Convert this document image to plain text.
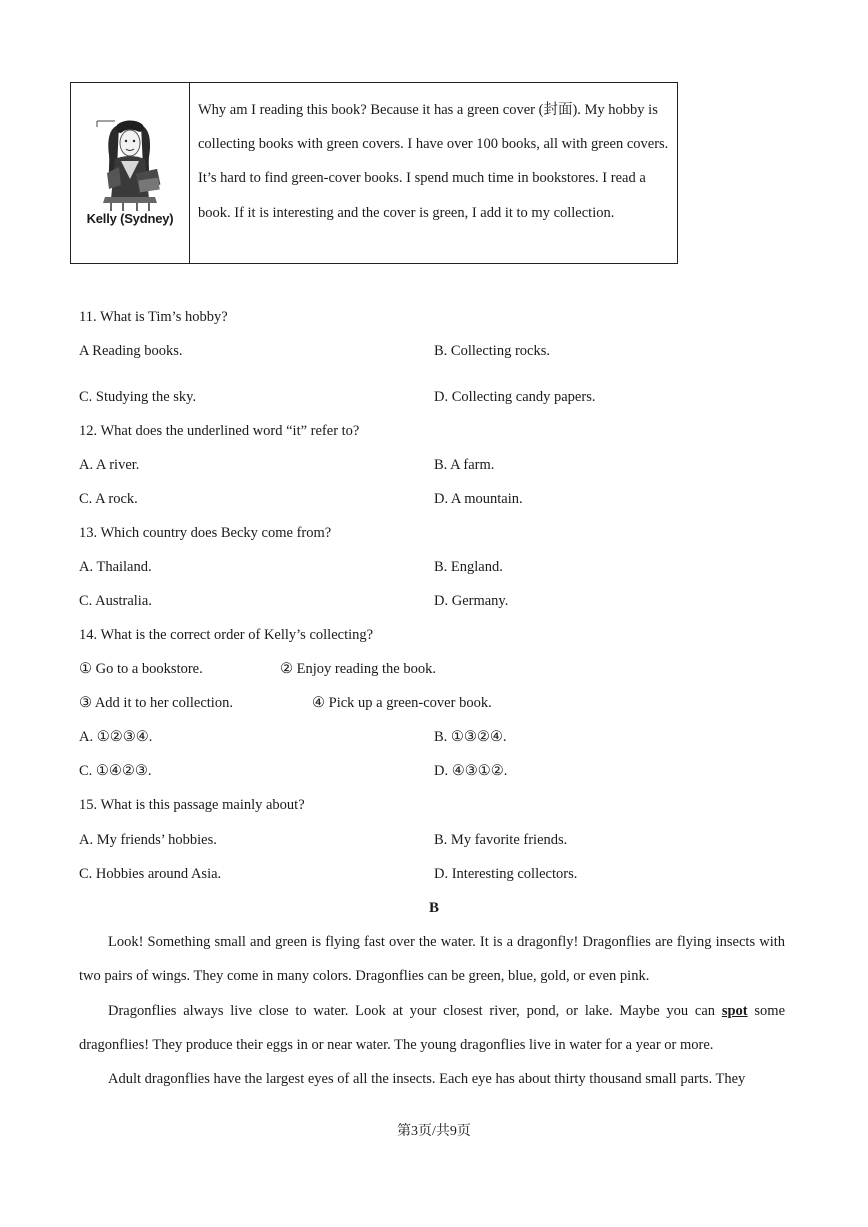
Kelly (Sydney)
Why am I reading this book? Because it has a green cover (封面). My hobby is collecting books with green covers. I have over 100 books, all with green covers. It’s hard to find green-cover books. I spend much time in bookstores. I read a book. If it is interesting and the cover is green, I add it to my collection.
11. What is Tim’s hobby?
A Reading books.	B. Collecting rocks.
C. Studying the sky.	D. Collecting candy papers.
12. What does the underlined word “it” refer to?
A. A river.	B. A farm.
C. A rock.	D. A mountain.
13. Which country does Becky come from?
A. Thailand.	B. England.
C. Australia.	D. Germany.
14. What is the correct order of Kelly’s collecting?
① Go to a bookstore.	② Enjoy reading the book.
③ Add it to her collection.	④ Pick up a green-cover book.
A. ①②③④.	B. ①③②④.
C. ①④②③.	D. ④③①②.
15. What is this passage mainly about?
A. My friends’ hobbies.	B. My favorite friends.
C. Hobbies around Asia.	D. Interesting collectors.
B
Look! Something small and green is flying fast over the water. It is a dragonfly! Dragonflies are flying insects with two pairs of wings. They come in many colors. Dragonflies can be green, blue, gold, or even pink.
Dragonflies always live close to water. Look at your closest river, pond, or lake. Maybe you can spot some dragonflies! They produce their eggs in or near water. The young dragonflies live in water for a year or more.
Adult dragonflies have the largest eyes of all the insects. Each eye has about thirty thousand small parts. They
第3页/共9页
